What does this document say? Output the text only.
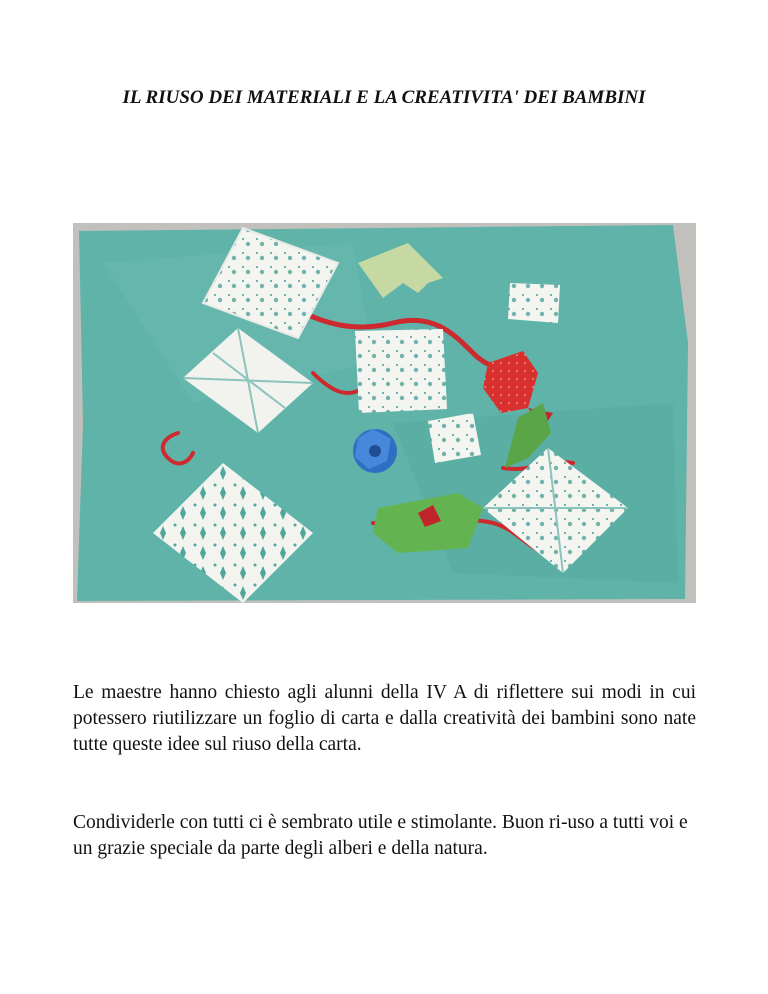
IL RIUSO DEI MATERIALI E LA CREATIVITA' DEI BAMBINI

Le maestre hanno chiesto agli alunni della IV A di riflettere sui modi in cui potessero riutilizzare un foglio di carta e dalla creatività dei bambini sono nate tutte queste idee sul riuso della carta.

Condividerle con tutti ci è sembrato utile e stimolante. Buon ri-uso a tutti voi e un grazie speciale da parte degli alberi e della natura.
